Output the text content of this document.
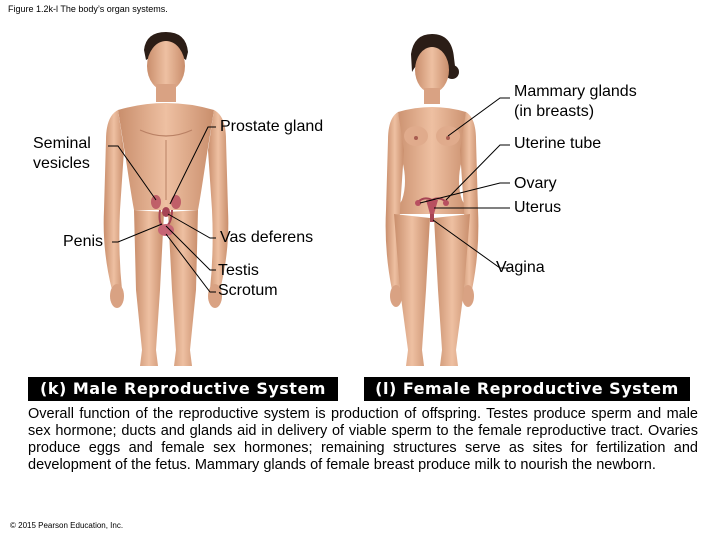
Figure 1.2k-l The body’s organ systems.
Seminal
vesicles
Penis
Prostate gland
Vas deferens
Testis
Scrotum
Mammary glands
(in breasts)
Uterine tube
Ovary
Uterus
Vagina
(k) Male Reproductive System	(l) Female Reproductive System
Overall function of the reproductive system is production of offspring. Testes produce sperm and male sex hormone; ducts and glands aid in delivery of viable sperm to the female reproductive tract. Ovaries produce eggs and female sex hormones; remaining structures serve as sites for fertilization and development of the fetus. Mammary glands of female breast produce milk to nourish the newborn.
© 2015 Pearson Education, Inc.
